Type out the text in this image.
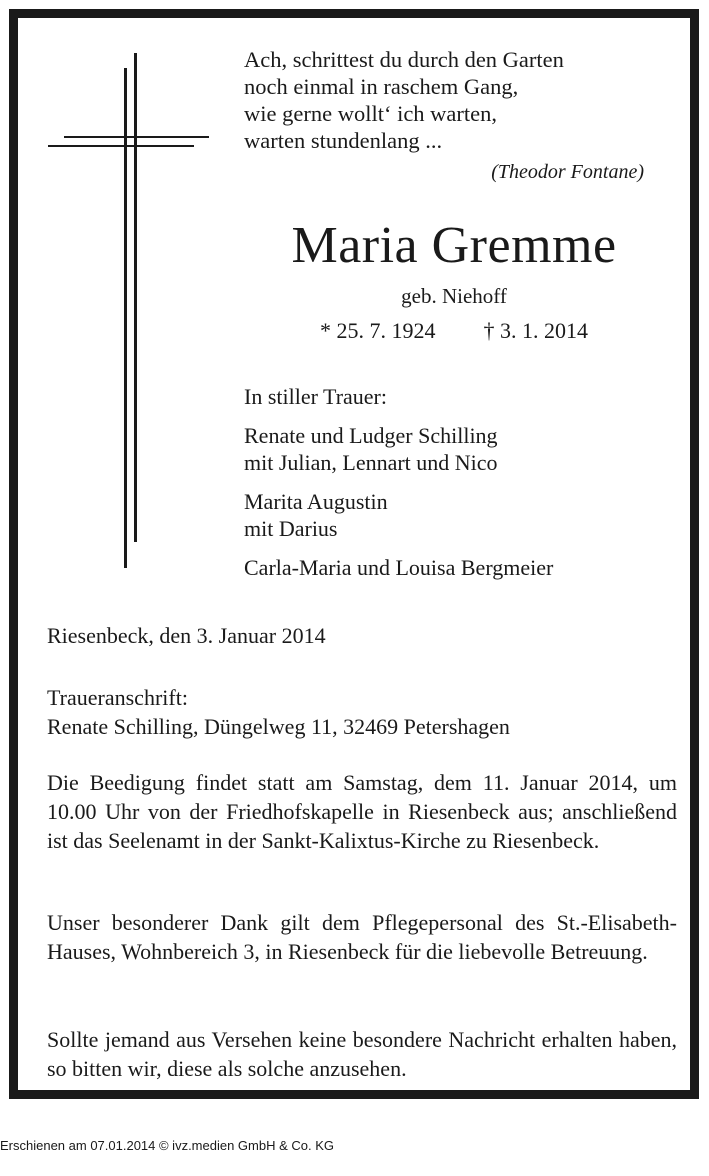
Ach, schrittest du durch den Garten
noch einmal in raschem Gang,
wie gerne wollt‘ ich warten,
warten stundenlang ...
(Theodor Fontane)
Maria Gremme
geb. Niehoff
* 25. 7. 1924 † 3. 1. 2014
In stiller Trauer:
Renate und Ludger Schilling
mit Julian, Lennart und Nico
Marita Augustin
mit Darius
Carla-Maria und Louisa Bergmeier
Riesenbeck, den 3. Januar 2014
Traueranschrift:
Renate Schilling, Düngelweg 11, 32469 Petershagen
Die Beedigung findet statt am Samstag, dem 11. Januar 2014, um 10.00 Uhr von der Friedhofskapelle in Riesenbeck aus; anschließend ist das Seelenamt in der Sankt-Kalixtus-Kirche zu Riesenbeck.
Unser besonderer Dank gilt dem Pflegepersonal des St.-Elisabeth-Hauses, Wohnbereich 3, in Riesenbeck für die liebevolle Betreuung.
Sollte jemand aus Versehen keine besondere Nachricht erhalten haben, so bitten wir, diese als solche anzusehen.
Erschienen am 07.01.2014 © ivz.medien GmbH & Co. KG
